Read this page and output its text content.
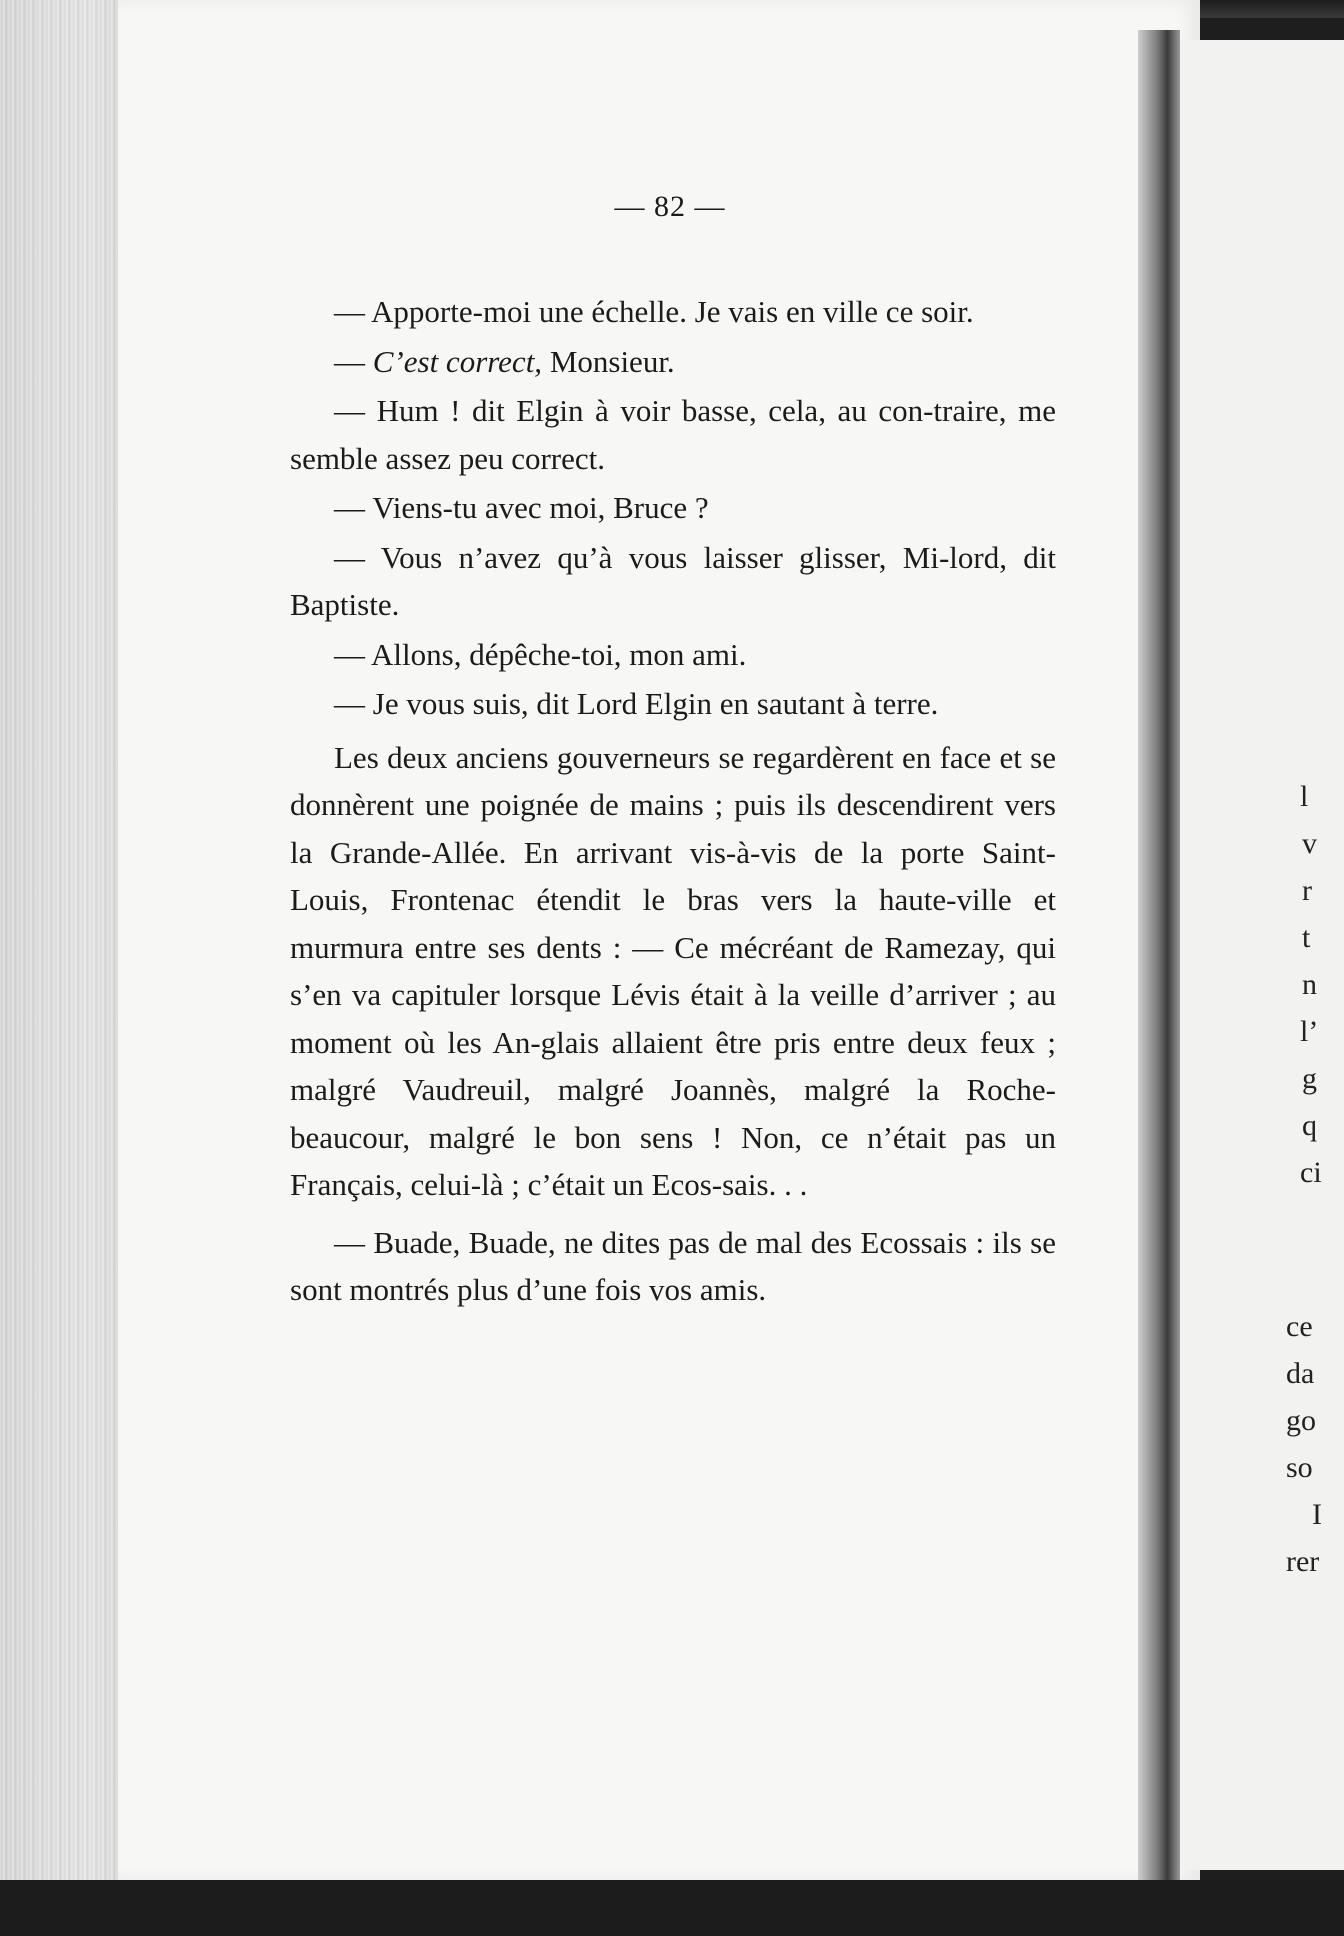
— 82 —

— Apporte-moi une échelle. Je vais en ville ce soir.

— C’est correct, Monsieur.

— Hum ! dit Elgin à voir basse, cela, au con-traire, me semble assez peu correct.

— Viens-tu avec moi, Bruce ?

— Vous n’avez qu’à vous laisser glisser, Mi-lord, dit Baptiste.

— Allons, dépêche-toi, mon ami.

— Je vous suis, dit Lord Elgin en sautant à terre.

Les deux anciens gouverneurs se regardèrent en face et se donnèrent une poignée de mains ; puis ils descendirent vers la Grande-Allée. En arrivant vis-à-vis de la porte Saint-Louis, Frontenac étendit le bras vers la haute-ville et murmura entre ses dents : — Ce mécréant de Ramezay, qui s’en va capituler lorsque Lévis était à la veille d’arriver ; au moment où les An-glais allaient être pris entre deux feux ; malgré Vaudreuil, malgré Joannès, malgré la Roche-beaucour, malgré le bon sens ! Non, ce n’était pas un Français, celui-là ; c’était un Ecos-sais. . .

— Buade, Buade, ne dites pas de mal des Ecossais : ils se sont montrés plus d’une fois vos amis.

l
v
r
t
n
l’
g
q
ci
ce
da
go
so
I
rer
